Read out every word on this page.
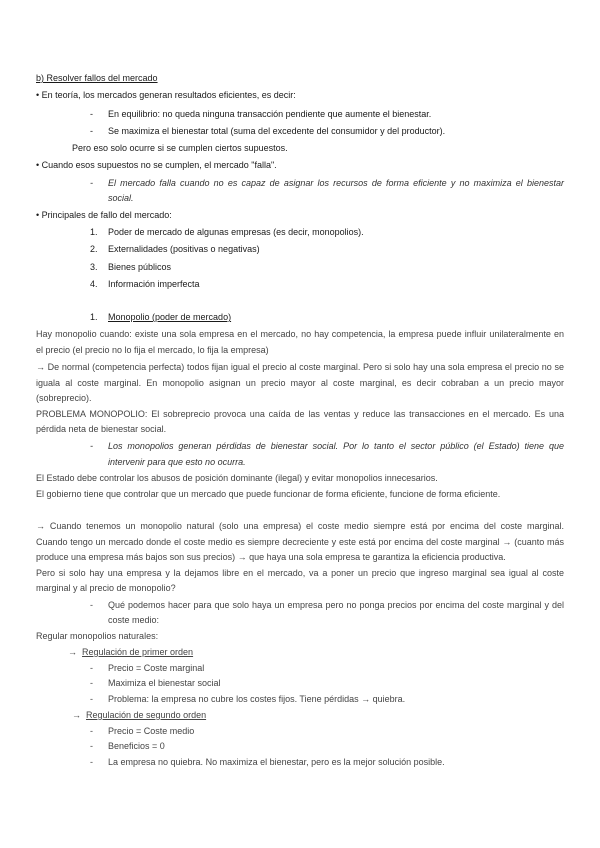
b) Resolver fallos del mercado
• En teoría, los mercados generan resultados eficientes, es decir:
- En equilibrio: no queda ninguna transacción pendiente que aumente el bienestar.
- Se maximiza el bienestar total (suma del excedente del consumidor y del productor).
Pero eso solo ocurre si se cumplen ciertos supuestos.
• Cuando esos supuestos no se cumplen, el mercado "falla".
- El mercado falla cuando no es capaz de asignar los recursos de forma eficiente y no maximiza el bienestar
social.
• Principales de fallo del mercado:
1. Poder de mercado de algunas empresas (es decir, monopolios).
2. Externalidades (positivas o negativas)
3. Bienes públicos
4. Información imperfecta
1. Monopolio (poder de mercado)
Hay monopolio cuando: existe una sola empresa en el mercado, no hay competencia, la empresa puede influir unilateralmente en
el precio (el precio no lo fija el mercado, lo fija la empresa)
→ De normal (competencia perfecta) todos fijan igual el precio al coste marginal. Pero si solo hay una sola empresa el precio no se
iguala al coste marginal. En monopolio asignan un precio mayor al coste marginal, es decir cobraban a un precio mayor
(sobreprecio).
PROBLEMA MONOPOLIO: El sobreprecio provoca una caída de las ventas y reduce las transacciones en el mercado. Es una
pérdida neta de bienestar social.
- Los monopolios generan pérdidas de bienestar social. Por lo tanto el sector público (el Estado) tiene que
intervenir para que esto no ocurra.
El Estado debe controlar los abusos de posición dominante (ilegal) y evitar monopolios innecesarios.
El gobierno tiene que controlar que un mercado que puede funcionar de forma eficiente, funcione de forma eficiente.
→ Cuando tenemos un monopolio natural (solo una empresa) el coste medio siempre está por encima del coste marginal.
Cuando tengo un mercado donde el coste medio es siempre decreciente y este está por encima del coste marginal → (cuanto más
produce una empresa más bajos son sus precios) → que haya una sola empresa te garantiza la eficiencia productiva.
Pero si solo hay una empresa y la dejamos libre en el mercado, va a poner un precio que ingreso marginal sea igual al coste
marginal y al precio de monopolio?
- Qué podemos hacer para que solo haya un empresa pero no ponga precios por encima del coste marginal y del
coste medio:
Regular monopolios naturales:
→ Regulación de primer orden
- Precio = Coste marginal
- Maximiza el bienestar social
- Problema: la empresa no cubre los costes fijos. Tiene pérdidas → quiebra.
→ Regulación de segundo orden
- Precio = Coste medio
- Beneficios = 0
- La empresa no quiebra. No maximiza el bienestar, pero es la mejor solución posible.
